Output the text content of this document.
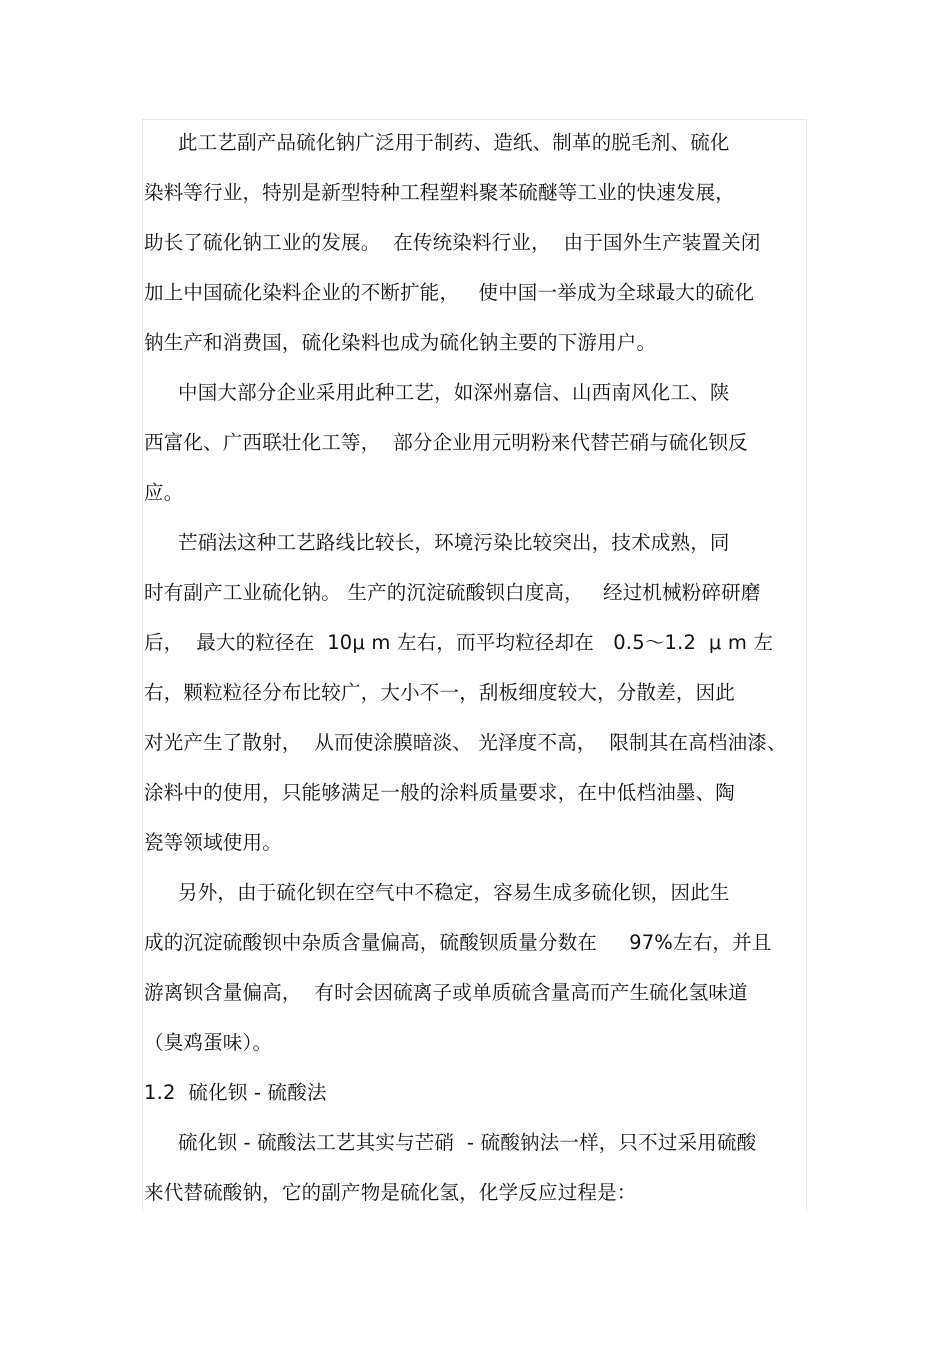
此工艺副产品硫化钠广泛用于制药、造纸、制革的脱毛剂、硫化
染料等行业，特别是新型特种工程塑料聚苯硫醚等工业的快速发展，
助长了硫化钠工业的发展。  在传统染料行业，  由于国外生产装置关闭
加上中国硫化染料企业的不断扩能，   使中国一举成为全球最大的硫化
钠生产和消费国，硫化染料也成为硫化钠主要的下游用户。
中国大部分企业采用此种工艺，如深州嘉信、山西南风化工、陕
西富化、广西联壮化工等，  部分企业用元明粉来代替芒硝与硫化钡反
应。
芒硝法这种工艺路线比较长，环境污染比较突出，技术成熟，同
时有副产工业硫化钠。 生产的沉淀硫酸钡白度高，   经过机械粉碎研磨
后，  最大的粒径在  10μ m 左右，而平均粒径却在   0.5～1.2  μ m 左
右，颗粒粒径分布比较广，大小不一，刮板细度较大，分散差，因此
对光产生了散射，  从而使涂膜暗淡、 光泽度不高，  限制其在高档油漆、
涂料中的使用，只能够满足一般的涂料质量要求，在中低档油墨、陶
瓷等领域使用。
另外，由于硫化钡在空气中不稳定，容易生成多硫化钡，因此生
成的沉淀硫酸钡中杂质含量偏高，硫酸钡质量分数在     97%左右，并且
游离钡含量偏高，  有时会因硫离子或单质硫含量高而产生硫化氢味道
（臭鸡蛋味）。
1.2  硫化钡 - 硫酸法
硫化钡 - 硫酸法工艺其实与芒硝  - 硫酸钠法一样，只不过采用硫酸
来代替硫酸钠，它的副产物是硫化氢，化学反应过程是：
